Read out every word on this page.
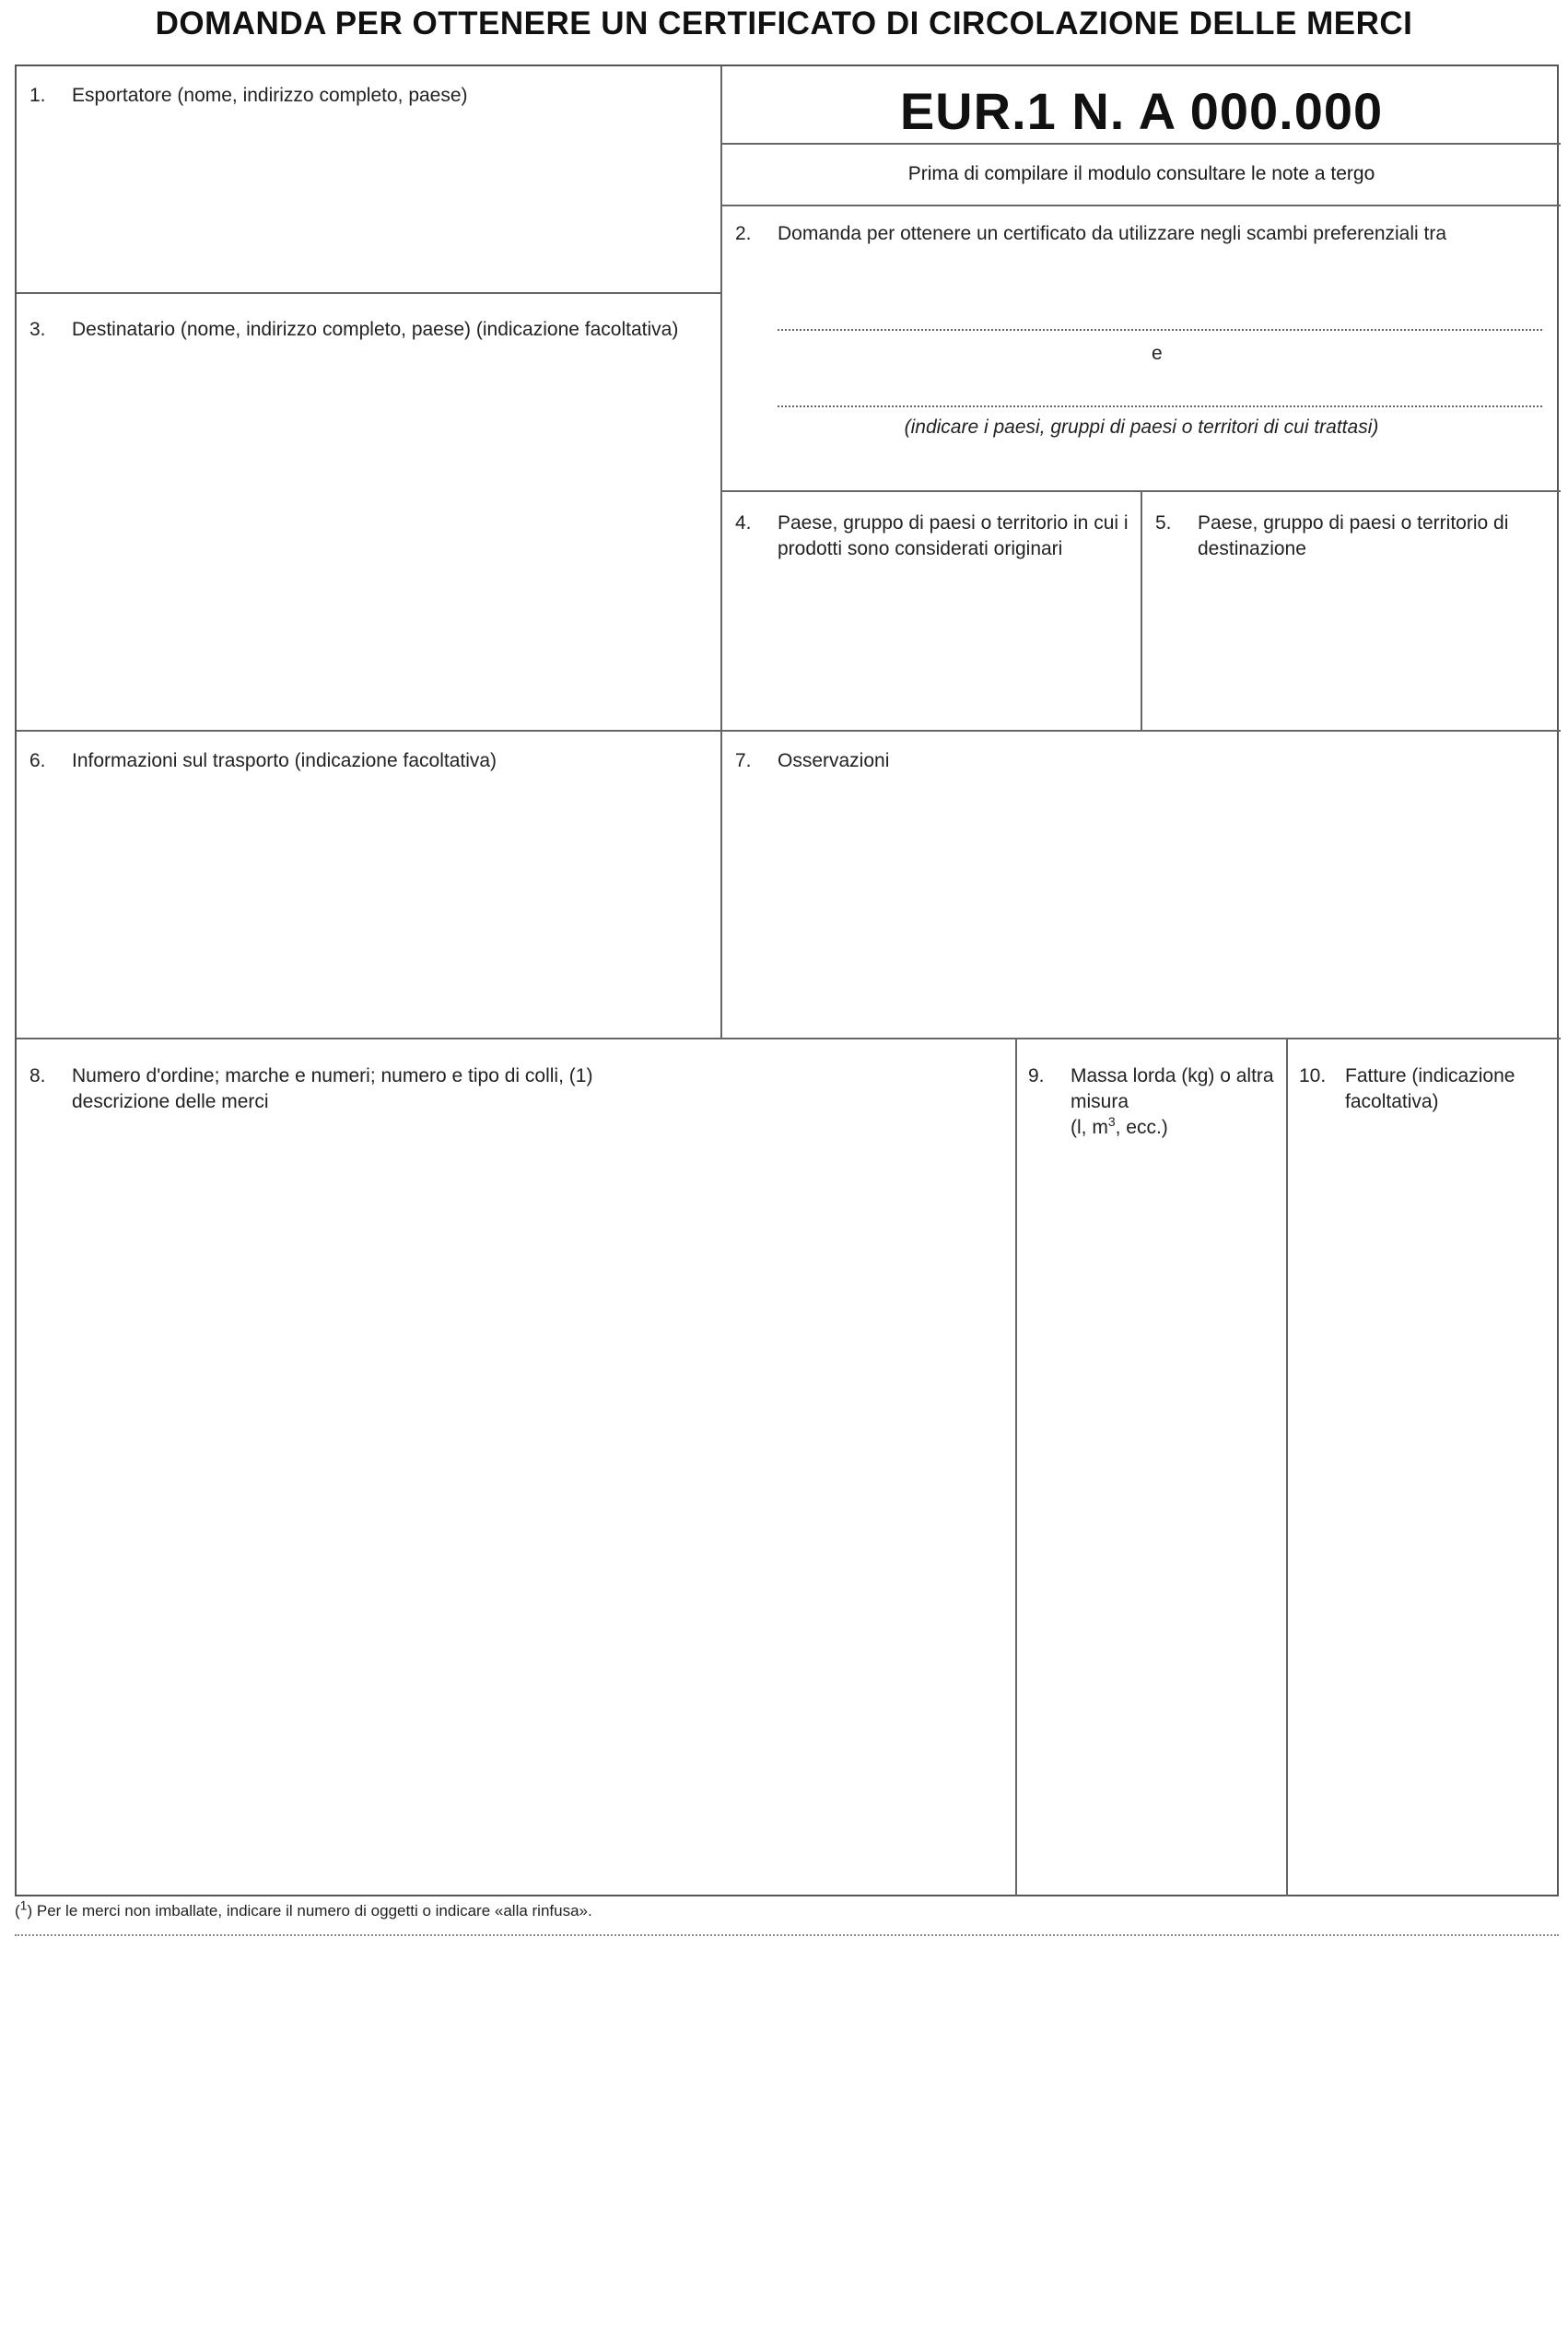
DOMANDA PER OTTENERE UN CERTIFICATO DI CIRCOLAZIONE DELLE MERCI
1. Esportatore (nome, indirizzo completo, paese)	EUR.1 N. A 000.000
Prima di compilare il modulo consultare le note a tergo
2. Domanda per ottenere un certificato da utilizzare negli scambi preferenziali tra
e
(indicare i paesi, gruppi di paesi o territori di cui trattasi)
3. Destinatario (nome, indirizzo completo, paese) (indicazione facoltativa)
4. Paese, gruppo di paesi o territorio in cui i prodotti sono considerati originari
5. Paese, gruppo di paesi o territorio di destinazione
6. Informazioni sul trasporto (indicazione facoltativa)	7. Osservazioni
8. Numero d'ordine; marche e numeri; numero e tipo di colli, (1)
descrizione delle merci
9. Massa lorda (kg) o altra misura
(l, $m^3$, ecc.)
10. Fatture (indicazione facoltativa)
($^1$) Per le merci non imballate, indicare il numero di oggetti o indicare «alla rinfusa».
